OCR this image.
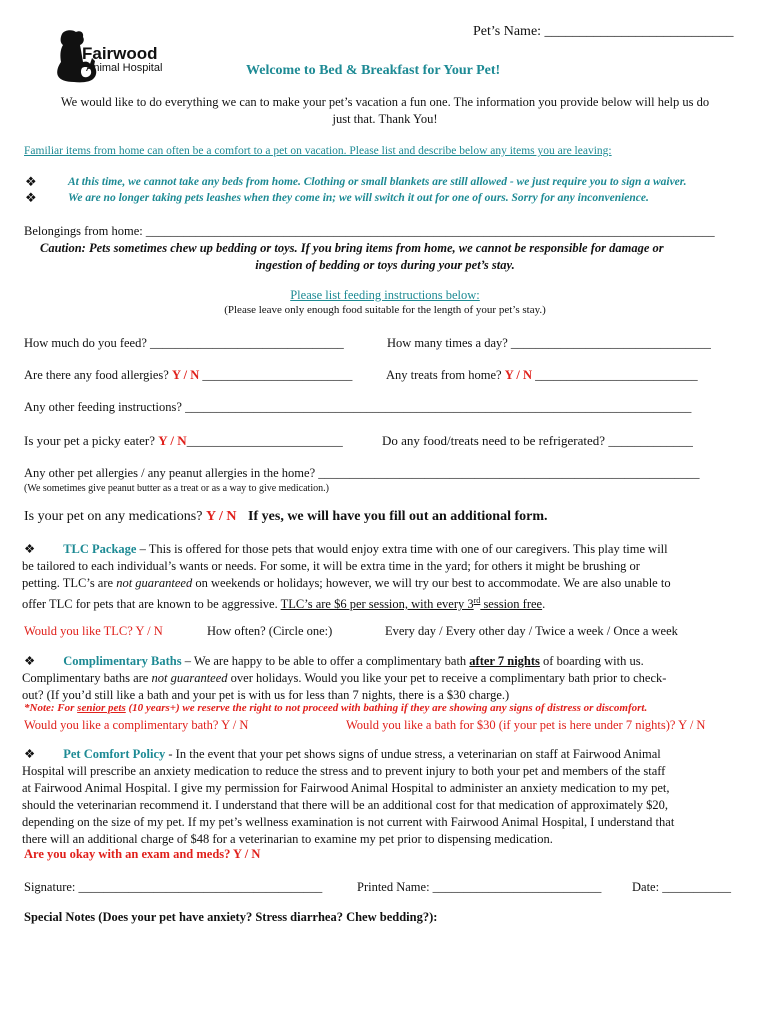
Pet’s Name: ___________________________
Fairwood
Animal Hospital	Welcome to Bed & Breakfast for Your Pet!
We would like to do everything we can to make your pet’s vacation a fun one. The information you provide below will help us do
just that. Thank You!
Familiar items from home can often be a comfort to a pet on vacation. Please list and describe below any items you are leaving:
❖	At this time, we cannot take any beds from home. Clothing or small blankets are still allowed - we just require you to sign a waiver.
❖	We are no longer taking pets leashes when they come in; we will switch it out for one of ours. Sorry for any inconvenience.
Belongings from home: ___________________________________________________________________________________________
Caution: Pets sometimes chew up bedding or toys. If you bring items from home, we cannot be responsible for damage or
ingestion of bedding or toys during your pet’s stay.
Please list feeding instructions below:
(Please leave only enough food suitable for the length of your pet’s stay.)
How much do you feed? _______________________________	How many times a day? ________________________________
Are there any food allergies? Y / N ________________________	Any treats from home? Y / N __________________________
Any other feeding instructions? _________________________________________________________________________________
Is your pet a picky eater? Y / N________________________	Do any food/treats need to be refrigerated? _____________
Any other pet allergies / any peanut allergies in the home? _____________________________________________________________
(We sometimes give peanut butter as a treat or as a way to give medication.)
Is your pet on any medications? Y / N If yes, we will have you fill out an additional form.
❖ TLC Package – This is offered for those pets that would enjoy extra time with one of our caregivers. This play time will
be tailored to each individual’s wants or needs. For some, it will be extra time in the yard; for others it might be brushing or
petting. TLC’s are not guaranteed on weekends or holidays; however, we will try our best to accommodate. We are also unable to
offer TLC for pets that are known to be aggressive. TLC’s are $6 per session, with every 3rd session free.
Would you like TLC? Y / N	How often? (Circle one:)	Every day / Every other day / Twice a week / Once a week
❖ Complimentary Baths – We are happy to be able to offer a complimentary bath after 7 nights of boarding with us.
Complimentary baths are not guaranteed over holidays. Would you like your pet to receive a complimentary bath prior to check-
out? (If you’d still like a bath and your pet is with us for less than 7 nights, there is a $30 charge.)
*Note: For senior pets (10 years+) we reserve the right to not proceed with bathing if they are showing any signs of distress or discomfort.
Would you like a complimentary bath? Y / N	Would you like a bath for $30 (if your pet is here under 7 nights)? Y / N
❖ Pet Comfort Policy - In the event that your pet shows signs of undue stress, a veterinarian on staff at Fairwood Animal
Hospital will prescribe an anxiety medication to reduce the stress and to prevent injury to both your pet and members of the staff
at Fairwood Animal Hospital. I give my permission for Fairwood Animal Hospital to administer an anxiety medication to my pet,
should the veterinarian recommend it. I understand that there will be an additional cost for that medication of approximately $20,
depending on the size of my pet. If my pet’s wellness examination is not current with Fairwood Animal Hospital, I understand that
there will an additional charge of $48 for a veterinarian to examine my pet prior to dispensing medication.
Are you okay with an exam and meds? Y / N
Signature: _______________________________________	Printed Name: ___________________________ Date: ___________
Special Notes (Does your pet have anxiety? Stress diarrhea? Chew bedding?):
